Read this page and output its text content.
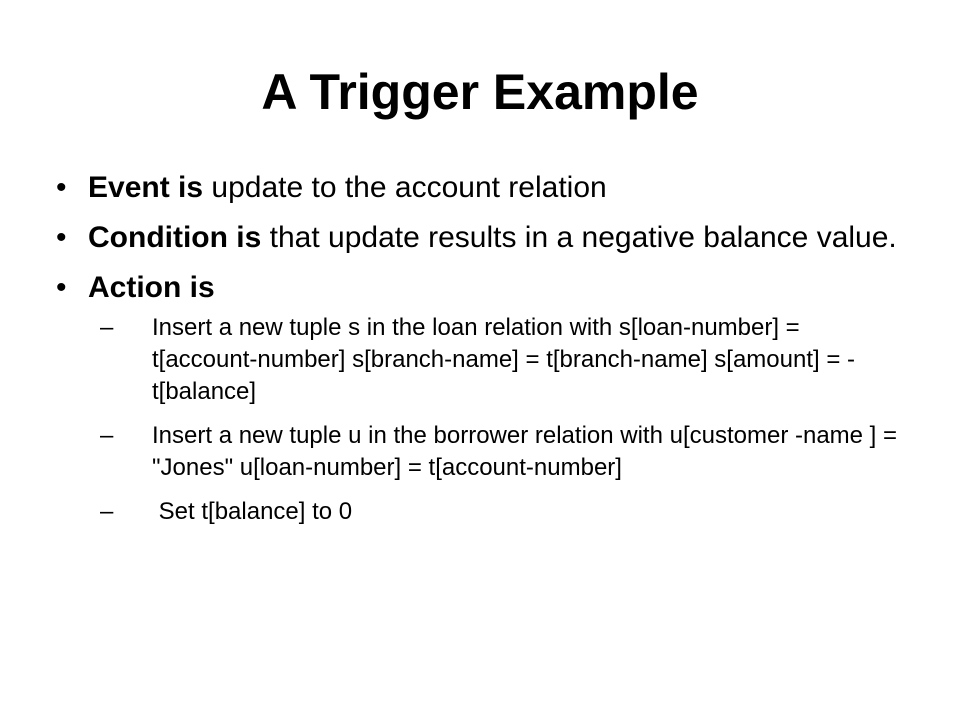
A Trigger Example
• Event is update to the account relation
• Condition is that update results in a negative balance value.
• Action is
– Insert a new tuple s in the loan relation with s[loan-number] = t[account-number] s[branch-name] = t[branch-name] s[amount] = -t[balance]
– Insert a new tuple u in the borrower relation with u[customer -name ] = "Jones" u[loan-number] = t[account-number]
– Set t[balance] to 0
